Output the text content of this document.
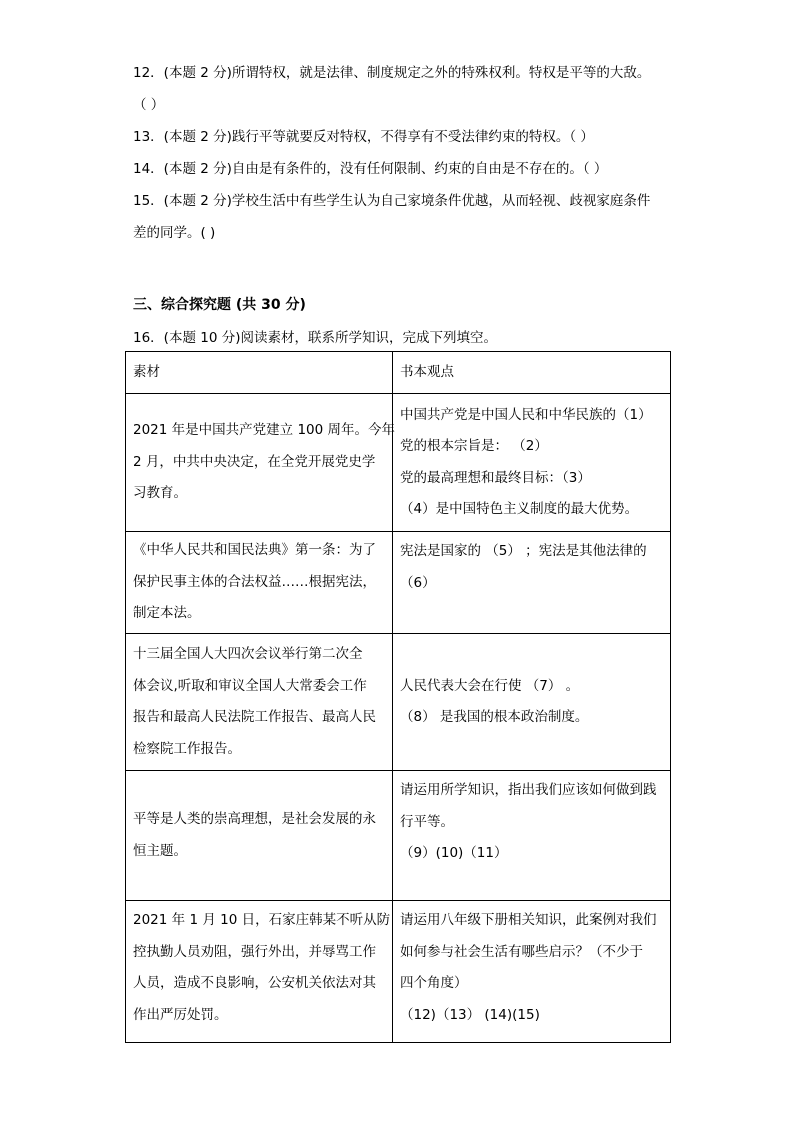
12．(本题 2 分)所谓特权，就是法律、制度规定之外的特殊权利。特权是平等的大敌。
（ ）
13．(本题 2 分)践行平等就要反对特权，不得享有不受法律约束的特权。（ ）
14．(本题 2 分)自由是有条件的，没有任何限制、约束的自由是不存在的。（ ）
15．(本题 2 分)学校生活中有些学生认为自己家境条件优越，从而轻视、歧视家庭条件
差的同学。( )
三、综合探究题 (共 30 分)
16．(本题 10 分)阅读素材，联系所学知识，完成下列填空。
素材	书本观点

2021 年是中国共产党建立 100 周年。今年
2 月，中共中央决定，在全党开展党史学
习教育。	中国共产党是中国人民和中华民族的（1）
党的根本宗旨是： （2）
党的最高理想和最终目标：（3）
（4）是中国特色主义制度的最大优势。

《中华人民共和国民法典》第一条：为了
保护民事主体的合法权益……根据宪法，
制定本法。	宪法是国家的 （5） ；宪法是其他法律的
（6）

十三届全国人大四次会议举行第二次全
体会议,听取和审议全国人大常委会工作
报告和最高人民法院工作报告、最高人民
检察院工作报告。	人民代表大会在行使 （7） 。
（8） 是我国的根本政治制度。

平等是人类的崇高理想，是社会发展的永
恒主题。	请运用所学知识，指出我们应该如何做到践
行平等。
（9）(10)（11）

2021 年 1 月 10 日，石家庄韩某不听从防
控执勤人员劝阻，强行外出，并辱骂工作
人员，造成不良影响，公安机关依法对其
作出严厉处罚。	请运用八年级下册相关知识，此案例对我们
如何参与社会生活有哪些启示？（不少于
四个角度）
（12)（13） (14)(15)
